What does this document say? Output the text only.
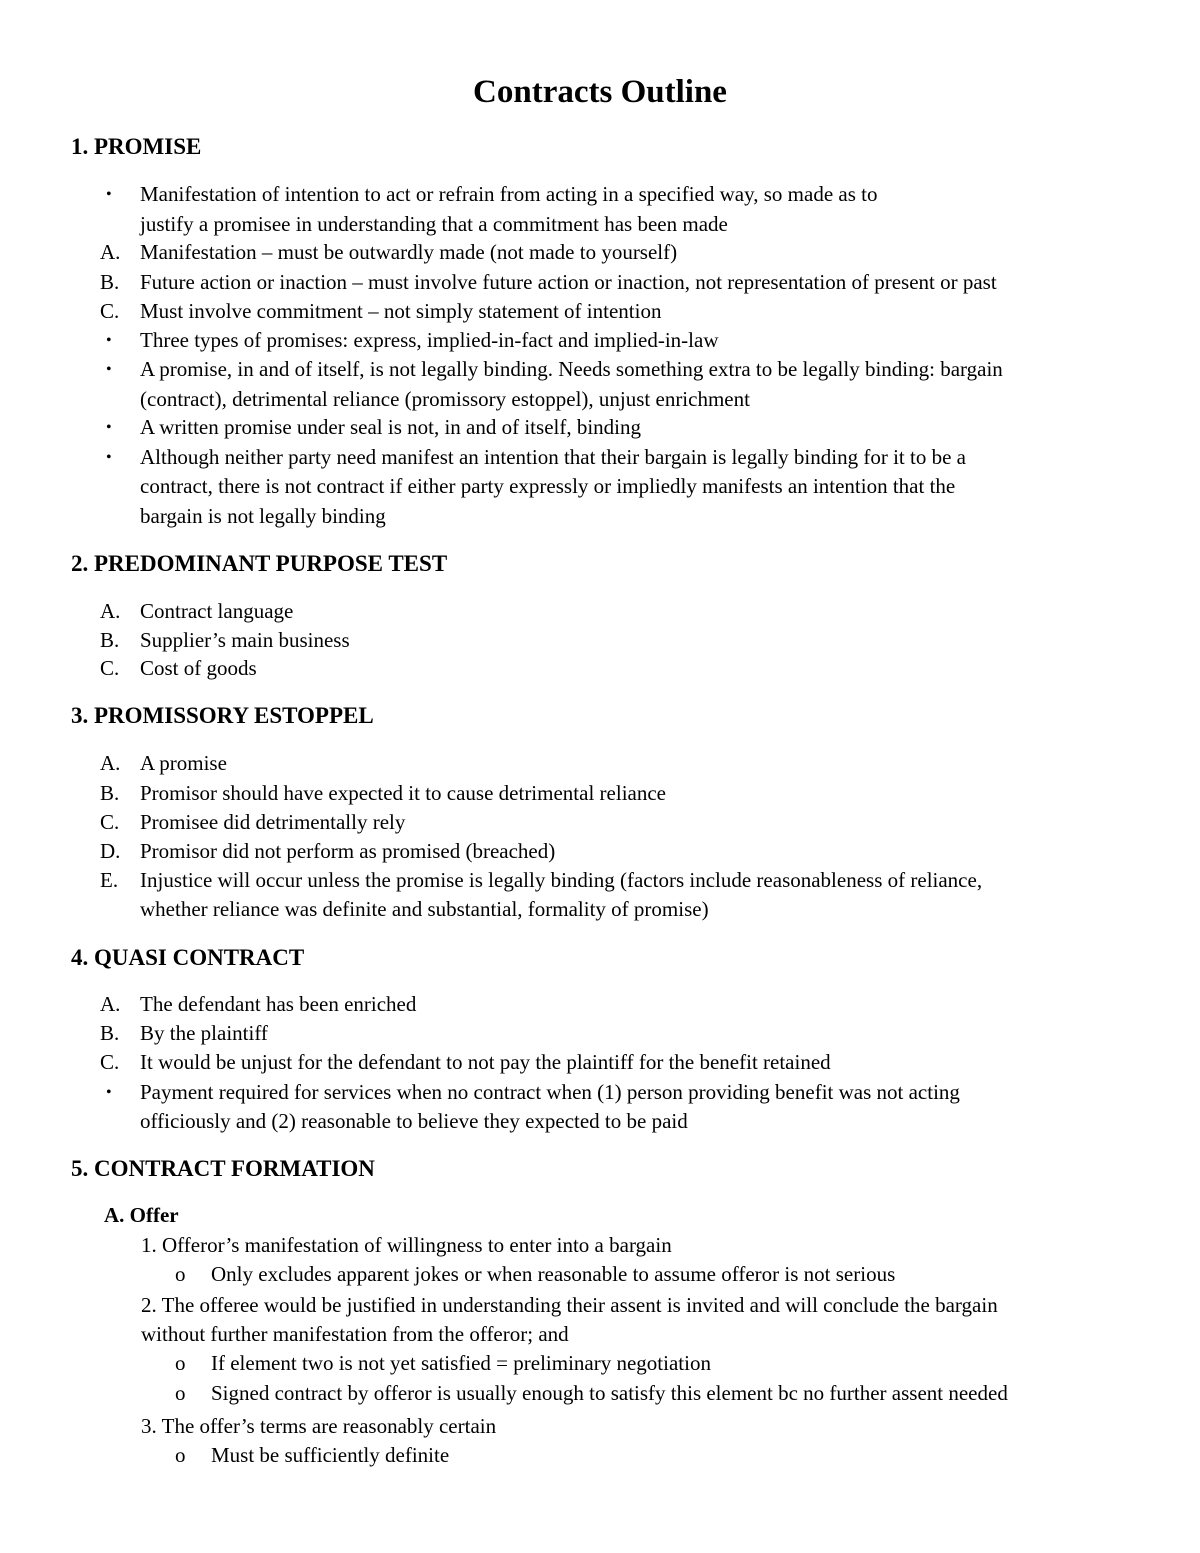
Contracts Outline
1. PROMISE
•	Manifestation of intention to act or refrain from acting in a specified way, so made as to
justify a promisee in understanding that a commitment has been made
A. Manifestation – must be outwardly made (not made to yourself)
B. Future action or inaction – must involve future action or inaction, not representation of present or past
C. Must involve commitment – not simply statement of intention
•	Three types of promises: express, implied-in-fact and implied-in-law
•	A promise, in and of itself, is not legally binding. Needs something extra to be legally binding: bargain
(contract), detrimental reliance (promissory estoppel), unjust enrichment
•	A written promise under seal is not, in and of itself, binding
•	Although neither party need manifest an intention that their bargain is legally binding for it to be a
contract, there is not contract if either party expressly or impliedly manifests an intention that the
bargain is not legally binding
2. PREDOMINANT PURPOSE TEST
A. Contract language
B. Supplier’s main business
C. Cost of goods
3. PROMISSORY ESTOPPEL
A. A promise
B. Promisor should have expected it to cause detrimental reliance
C. Promisee did detrimentally rely
D. Promisor did not perform as promised (breached)
E.	Injustice will occur unless the promise is legally binding (factors include reasonableness of reliance,
whether reliance was definite and substantial, formality of promise)
4. QUASI CONTRACT
A. The defendant has been enriched
B. By the plaintiff
C. It would be unjust for the defendant to not pay the plaintiff for the benefit retained
•	Payment required for services when no contract when (1) person providing benefit was not acting
officiously and (2) reasonable to believe they expected to be paid
5. CONTRACT FORMATION
A. Offer
1. Offeror’s manifestation of willingness to enter into a bargain
o Only excludes apparent jokes or when reasonable to assume offeror is not serious
2. The offeree would be justified in understanding their assent is invited and will conclude the bargain
without further manifestation from the offeror; and
o If element two is not yet satisfied = preliminary negotiation
o Signed contract by offeror is usually enough to satisfy this element bc no further assent needed
3. The offer’s terms are reasonably certain
o Must be sufficiently definite
